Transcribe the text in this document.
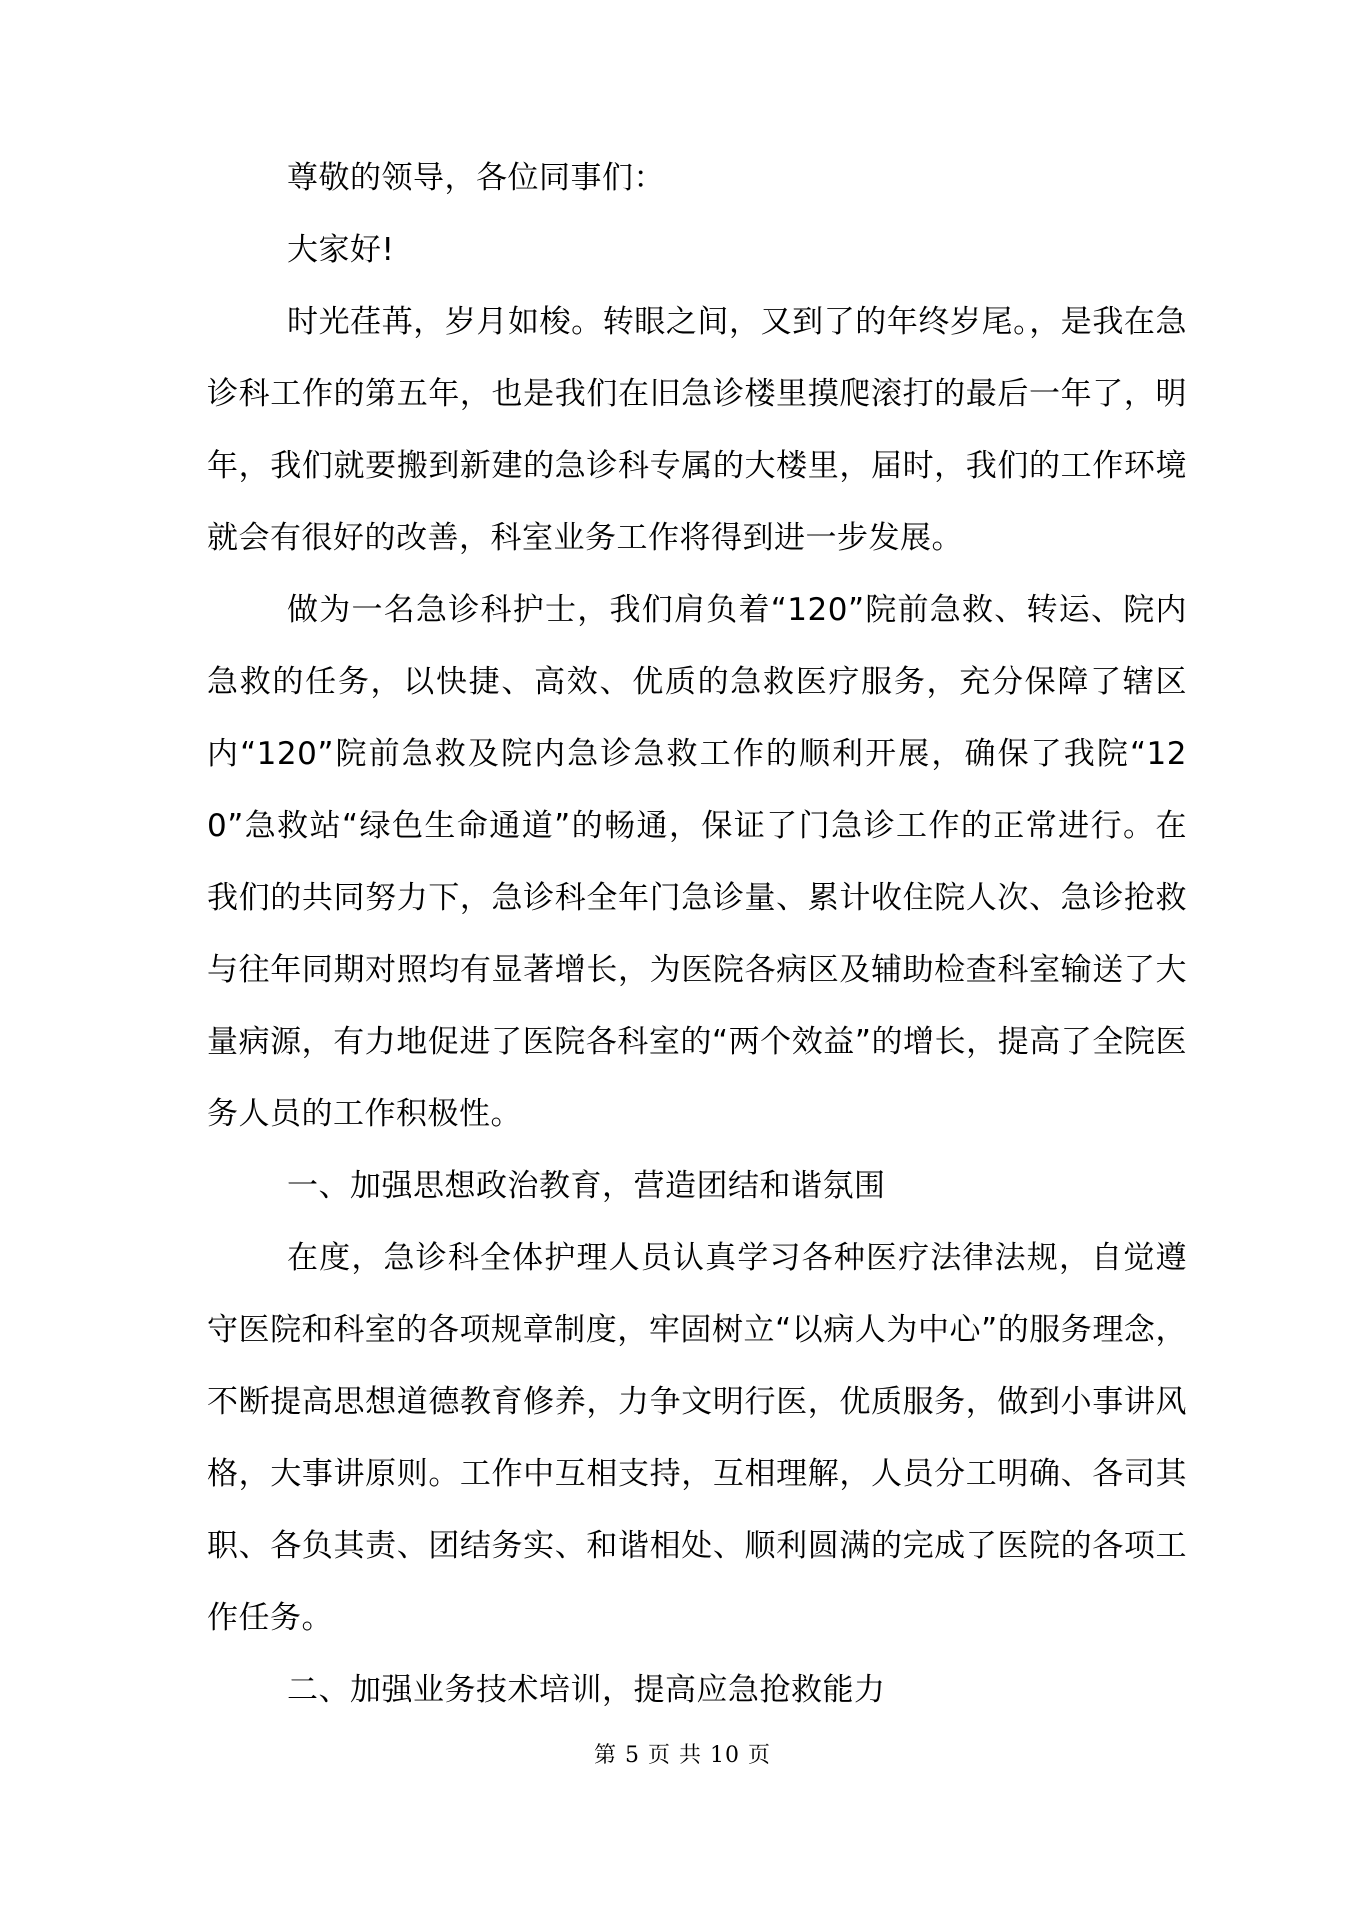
尊敬的领导，各位同事们：

大家好!

时光荏苒，岁月如梭。转眼之间，又到了的年终岁尾。，是我在急诊科工作的第五年，也是我们在旧急诊楼里摸爬滚打的最后一年了，明年，我们就要搬到新建的急诊科专属的大楼里，届时，我们的工作环境就会有很好的改善，科室业务工作将得到进一步发展。

做为一名急诊科护士，我们肩负着“120”院前急救、转运、院内急救的任务，以快捷、高效、优质的急救医疗服务，充分保障了辖区内“120”院前急救及院内急诊急救工作的顺利开展，确保了我院“120”急救站“绿色生命通道”的畅通，保证了门急诊工作的正常进行。在我们的共同努力下，急诊科全年门急诊量、累计收住院人次、急诊抢救与往年同期对照均有显著增长，为医院各病区及辅助检查科室输送了大量病源，有力地促进了医院各科室的“两个效益”的增长，提高了全院医务人员的工作积极性。

一、加强思想政治教育，营造团结和谐氛围

在度，急诊科全体护理人员认真学习各种医疗法律法规，自觉遵守医院和科室的各项规章制度，牢固树立“以病人为中心”的服务理念，不断提高思想道德教育修养，力争文明行医，优质服务，做到小事讲风格，大事讲原则。工作中互相支持，互相理解，人员分工明确、各司其职、各负其责、团结务实、和谐相处、顺利圆满的完成了医院的各项工作任务。

二、加强业务技术培训，提高应急抢救能力

第 5 页 共 10 页
